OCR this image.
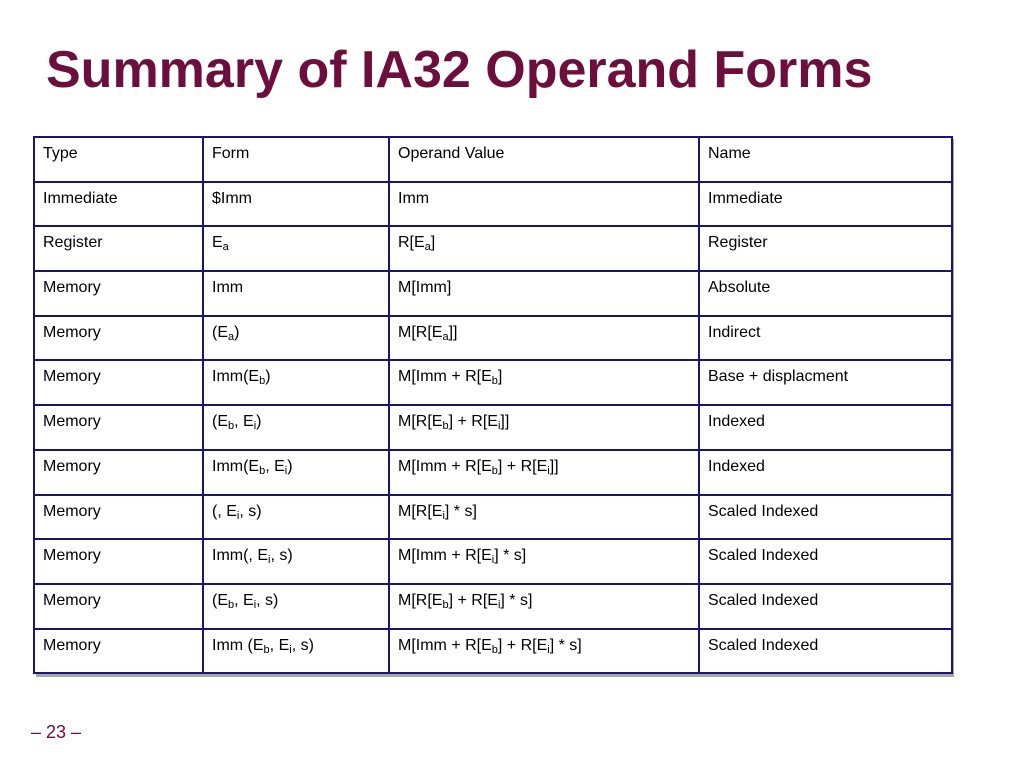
Summary of IA32 Operand Forms
Type	Form	Operand Value	Name
Immediate	$Imm	Imm	Immediate
Register	$E_a$	$R[E_a]$	Register
Memory	Imm	M[Imm]	Absolute
Memory	$(E_a)$	$M[R[E_a]]$	Indirect
Memory	$Imm(E_b)$	$M[Imm + R[E_b]$	Base + displacment
Memory	($E_b$, $E_i$)	$M[R[E_b] + R[E_i]]$	Indexed
Memory	$Imm(E_b$, $E_i$)	$M[Imm + R[E_b] + R[E_i]]$	Indexed
Memory	(, $E_i$, s)	$M[R[E_i] * s]$	Scaled Indexed
Memory	Imm(, $E_i$, s)	$M[Imm + R[E_i] * s]$	Scaled Indexed
Memory	($E_b$, $E_i$, s)	$M[R[E_b] + R[E_i] * s]$	Scaled Indexed
Memory	Imm ($E_b$, $E_i$, s)	$M[Imm + R[E_b] + R[E_i] * s]$	Scaled Indexed
– 23 –
